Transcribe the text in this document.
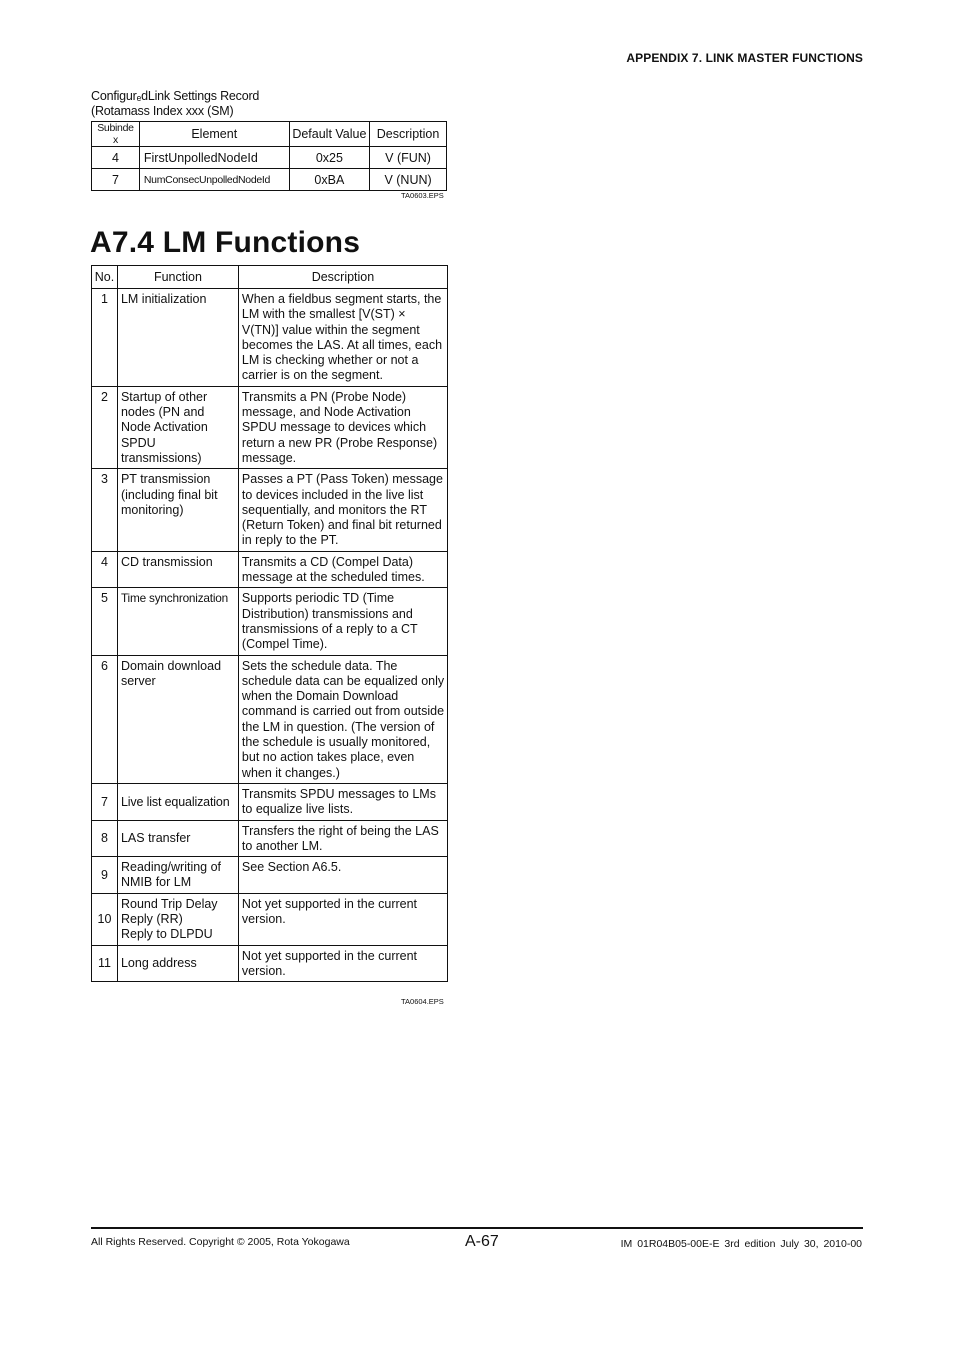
APPENDIX 7. LINK MASTER FUNCTIONS
ConfigurₑdLink Settings Record
(Rotamass Index xxx (SM)
Subinde x	Element	Default Value	Description
4	FirstUnpolledNodeId	0x25	V (FUN)
7	NumConsecUnpolledNodeId	0xBA	V (NUN)
TA0603.EPS
A7.4 LM Functions
No.	Function	Description
1	LM initialization	When a fieldbus segment starts, the LM with the smallest [V(ST) × V(TN)] value within the segment becomes the LAS. At all times, each LM is checking whether or not a carrier is on the segment.
2	Startup of other nodes (PN and Node Activation SPDU transmissions)	Transmits a PN (Probe Node) message, and Node Activation SPDU message to devices which return a new PR (Probe Response) message.
3	PT transmission (including final bit monitoring)	Passes a PT (Pass Token) message to devices included in the live list sequentially, and monitors the RT (Return Token) and final bit returned in reply to the PT.
4	CD transmission	Transmits a CD (Compel Data) message at the scheduled times.
5	Time synchronization	Supports periodic TD (Time Distribution) transmissions and transmissions of a reply to a CT (Compel Time).
6	Domain download server	Sets the schedule data. The schedule data can be equalized only when the Domain Download command is carried out from outside the LM in question. (The version of the schedule is usually monitored, but no action takes place, even when it changes.)
7	Live list equalization	Transmits SPDU messages to LMs to equalize live lists.
8	LAS transfer	Transfers the right of being the LAS to another LM.
9	Reading/writing of NMIB for LM	See Section A6.5.
10	Round Trip Delay
Reply (RR)
Reply to DLPDU	Not yet supported in the current version.
11	Long address	Not yet supported in the current version.
TA0604.EPS
All Rights Reserved. Copyright © 2005, Rota Yokogawa	A-67	IM 01R04B05-00E-E 3rd edition July 30, 2010-00
